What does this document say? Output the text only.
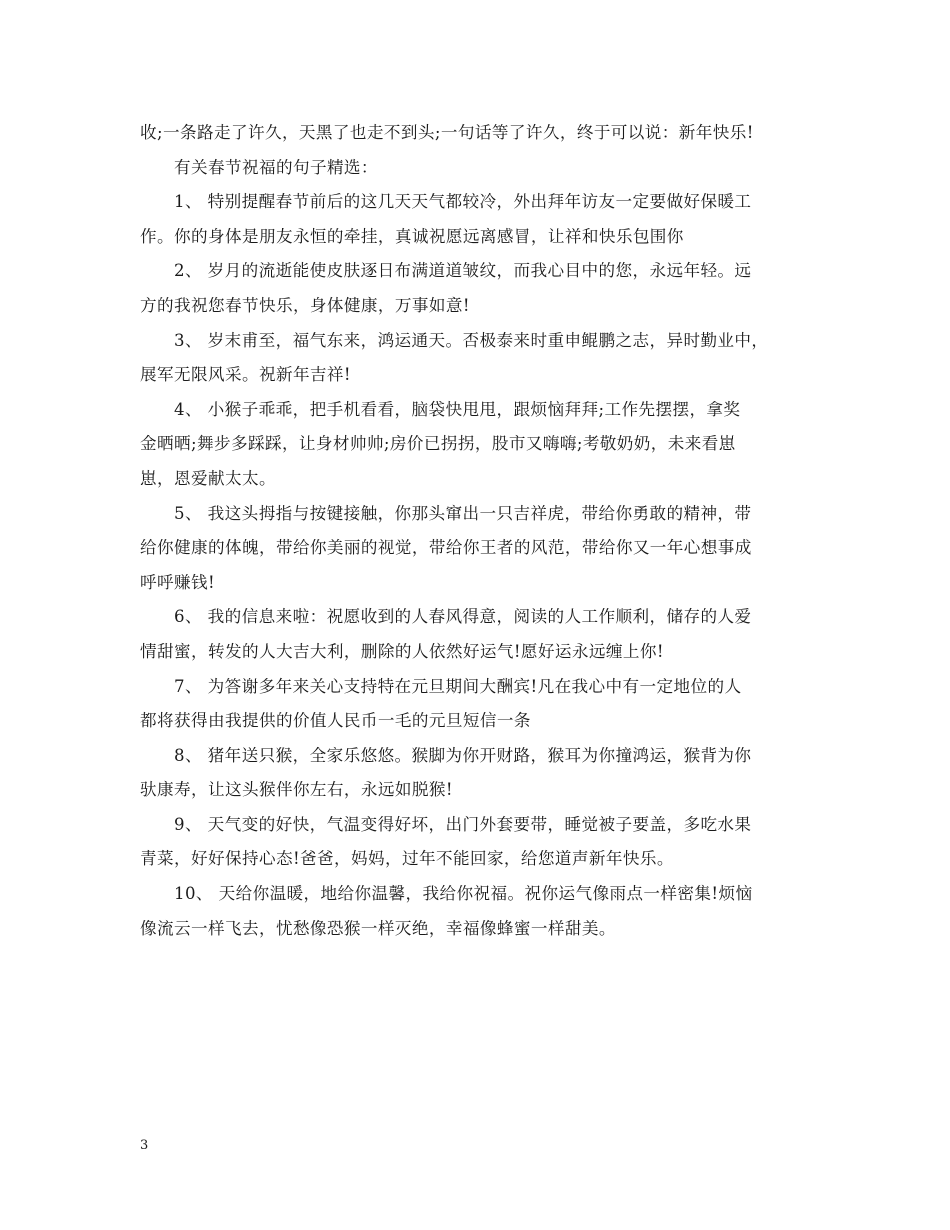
收;一条路走了许久，天黑了也走不到头;一句话等了许久，终于可以说：新年快乐!
有关春节祝福的句子精选：
1、 特别提醒春节前后的这几天天气都较冷，外出拜年访友一定要做好保暖工
作。你的身体是朋友永恒的牵挂，真诚祝愿远离感冒，让祥和快乐包围你
2、 岁月的流逝能使皮肤逐日布满道道皱纹，而我心目中的您，永远年轻。远
方的我祝您春节快乐，身体健康，万事如意!
3、 岁末甫至，福气东来，鸿运通天。否极泰来时重申鲲鹏之志，异时勤业中，
展军无限风采。祝新年吉祥!
4、 小猴子乖乖，把手机看看，脑袋快甩甩，跟烦恼拜拜;工作先摆摆，拿奖
金晒晒;舞步多踩踩，让身材帅帅;房价已拐拐，股市又嗨嗨;考敬奶奶，未来看崽
崽，恩爱献太太。
5、 我这头拇指与按键接触，你那头窜出一只吉祥虎，带给你勇敢的精神，带
给你健康的体魄，带给你美丽的视觉，带给你王者的风范，带给你又一年心想事成
呼呼赚钱!
6、 我的信息来啦：祝愿收到的人春风得意，阅读的人工作顺利，储存的人爱
情甜蜜，转发的人大吉大利，删除的人依然好运气!愿好运永远缠上你!
7、 为答谢多年来关心支持特在元旦期间大酬宾!凡在我心中有一定地位的人
都将获得由我提供的价值人民币一毛的元旦短信一条
8、 猪年送只猴，全家乐悠悠。猴脚为你开财路，猴耳为你撞鸿运，猴背为你
驮康寿，让这头猴伴你左右，永远如脱猴!
9、 天气变的好快，气温变得好坏，出门外套要带，睡觉被子要盖，多吃水果
青菜，好好保持心态!爸爸，妈妈，过年不能回家，给您道声新年快乐。
10、 天给你温暖，地给你温馨，我给你祝福。祝你运气像雨点一样密集!烦恼
像流云一样飞去，忧愁像恐猴一样灭绝，幸福像蜂蜜一样甜美。
3
